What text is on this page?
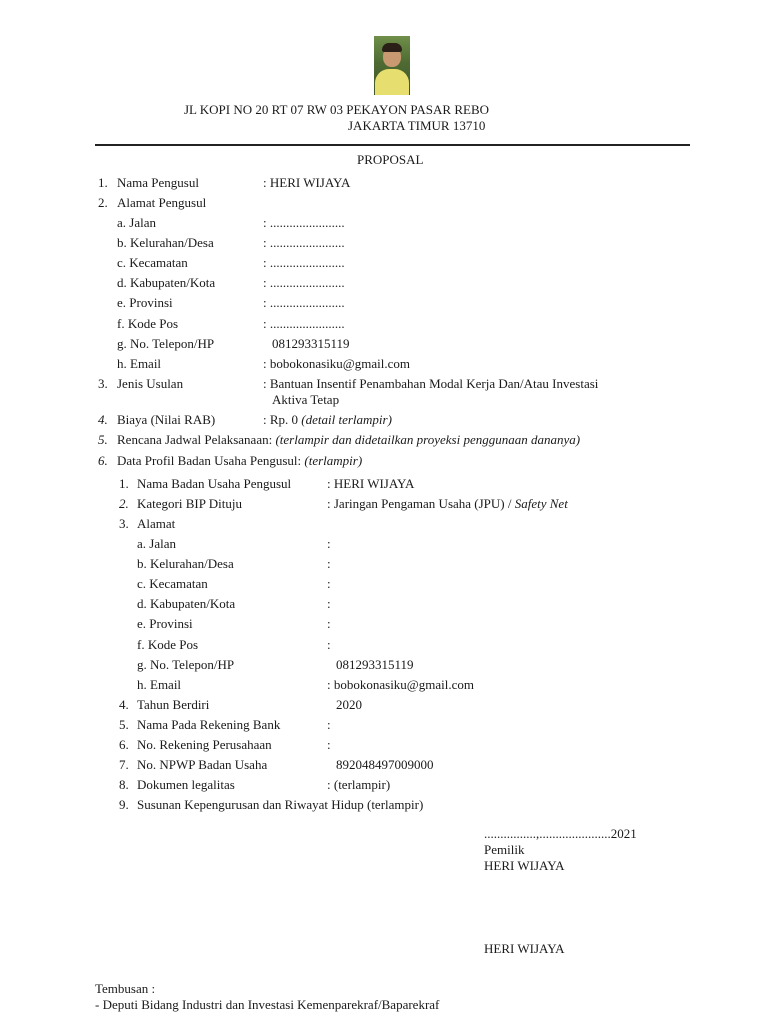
JL KOPI NO 20 RT 07 RW 03 PEKAYON PASAR REBO
JAKARTA TIMUR 13710
PROPOSAL
1. Nama Pengusul	: HERI WIJAYA
2. Alamat Pengusul
a. Jalan	: .......................
b. Kelurahan/Desa	: .......................
c. Kecamatan	: .......................
d. Kabupaten/Kota	: .......................
e. Provinsi	: .......................
f. Kode Pos	: .......................
g. No. Telepon/HP	081293315119
h. Email	: bobokonasiku@gmail.com
3. Jenis Usulan	: Bantuan Insentif Penambahan Modal Kerja Dan/Atau Investasi
Aktiva Tetap
4. Biaya (Nilai RAB)	: Rp. 0 (detail terlampir)
5. Rencana Jadwal Pelaksanaan: (terlampir dan didetailkan proyeksi penggunaan dananya)
6. Data Profil Badan Usaha Pengusul: (terlampir)
1. Nama Badan Usaha Pengusul	: HERI WIJAYA
2. Kategori BIP Dituju	: Jaringan Pengaman Usaha (JPU) / Safety Net
3. Alamat
a. Jalan	:
b. Kelurahan/Desa	:
c. Kecamatan	:
d. Kabupaten/Kota	:
e. Provinsi	:
f. Kode Pos	:
g. No. Telepon/HP	081293315119
h. Email	: bobokonasiku@gmail.com
4. Tahun Berdiri	2020
5. Nama Pada Rekening Bank	:
6. No. Rekening Perusahaan	:
7. No. NPWP Badan Usaha	892048497009000
8. Dokumen legalitas	: (terlampir)
9. Susunan Kepengurusan dan Riwayat Hidup (terlampir)
................,......................2021
Pemilik
HERI WIJAYA
HERI WIJAYA
Tembusan :
- Deputi Bidang Industri dan Investasi Kemenparekraf/Baparekraf
